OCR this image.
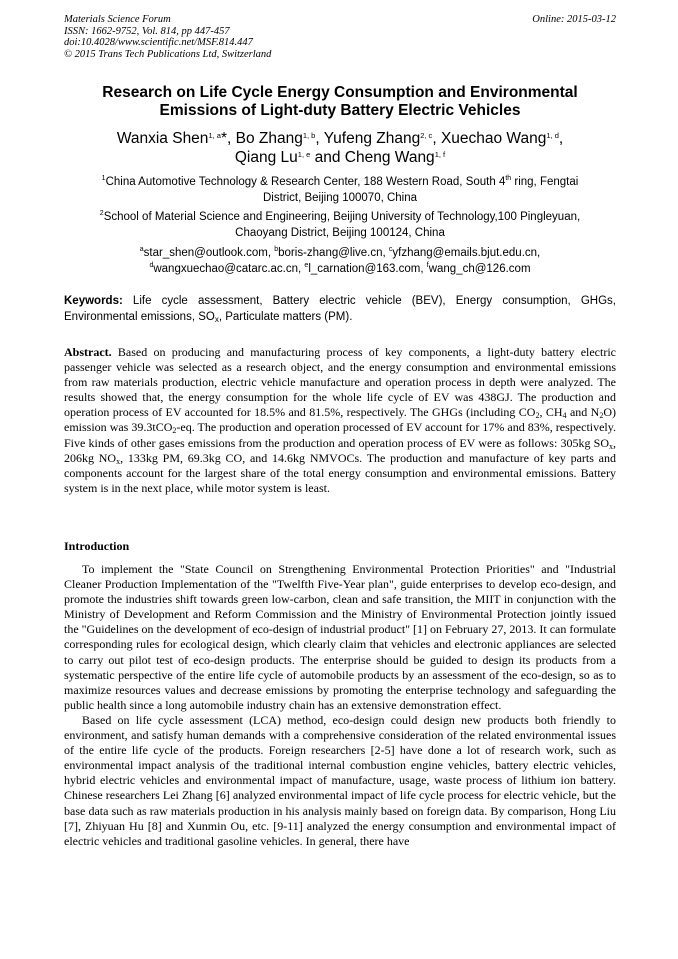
Materials Science Forum
ISSN: 1662-9752, Vol. 814, pp 447-457
doi:10.4028/www.scientific.net/MSF.814.447
© 2015 Trans Tech Publications Ltd, Switzerland
Online: 2015-03-12
Research on Life Cycle Energy Consumption and Environmental
Emissions of Light-duty Battery Electric Vehicles
Wanxia Shen$^{1, a}$*, Bo Zhang$^{1, b}$, Yufeng Zhang$^{2, c}$, Xuechao Wang$^{1, d}$,
Qiang Lu$^{1, e}$ and Cheng Wang$^{1, f}$
$^1$China Automotive Technology & Research Center, 188 Western Road, South 4th ring, Fengtai
District, Beijing 100070, China
$^2$School of Material Science and Engineering, Beijing University of Technology,100 Pingleyuan,
Chaoyang District, Beijing 100124, China
$^a$star_shen@outlook.com, $^b$boris-zhang@live.cn, $^c$yfzhang@emails.bjut.edu.cn,
$^d$wangxuechao@catarc.ac.cn, $^e$l_carnation@163.com, $^f$wang_ch@126.com
Keywords: Life cycle assessment, Battery electric vehicle (BEV), Energy consumption, GHGs, Environmental emissions, $SO_x$, Particulate matters (PM).
Abstract. Based on producing and manufacturing process of key components, a light-duty battery electric passenger vehicle was selected as a research object, and the energy consumption and environmental emissions from raw materials production, electric vehicle manufacture and operation process in depth were analyzed. The results showed that, the energy consumption for the whole life cycle of EV was 438GJ. The production and operation process of EV accounted for 18.5% and 81.5%, respectively. The GHGs (including $CO_2$, $CH_4$ and $N_2O$) emission was 39.3tCO$_2$-eq. The production and operation processed of EV account for 17% and 83%, respectively. Five kinds of other gases emissions from the production and operation process of EV were as follows: 305kg $SO_x$, 206kg $NO_x$, 133kg PM, 69.3kg CO, and 14.6kg NMVOCs. The production and manufacture of key parts and components account for the largest share of the total energy consumption and environmental emissions. Battery system is in the next place, while motor system is least.
Introduction

To implement the "State Council on Strengthening Environmental Protection Priorities" and "Industrial Cleaner Production Implementation of the "Twelfth Five-Year plan", guide enterprises to develop eco-design, and promote the industries shift towards green low-carbon, clean and safe transition, the MIIT in conjunction with the Ministry of Development and Reform Commission and the Ministry of Environmental Protection jointly issued the "Guidelines on the development of eco-design of industrial product" [1] on February 27, 2013. It can formulate corresponding rules for ecological design, which clearly claim that vehicles and electronic appliances are selected to carry out pilot test of eco-design products. The enterprise should be guided to design its products from a systematic perspective of the entire life cycle of automobile products by an assessment of the eco-design, so as to maximize resources values and decrease emissions by promoting the enterprise technology and safeguarding the public health since a long automobile industry chain has an extensive demonstration effect.

Based on life cycle assessment (LCA) method, eco-design could design new products both friendly to environment, and satisfy human demands with a comprehensive consideration of the related environmental issues of the entire life cycle of the products. Foreign researchers [2-5] have done a lot of research work, such as environmental impact analysis of the traditional internal combustion engine vehicles, battery electric vehicles, hybrid electric vehicles and environmental impact of manufacture, usage, waste process of lithium ion battery. Chinese researchers Lei Zhang [6] analyzed environmental impact of life cycle process for electric vehicle, but the base data such as raw materials production in his analysis mainly based on foreign data. By comparison, Hong Liu [7], Zhiyuan Hu [8] and Xunmin Ou, etc. [9-11] analyzed the energy consumption and environmental impact of electric vehicles and traditional gasoline vehicles. In general, there have
